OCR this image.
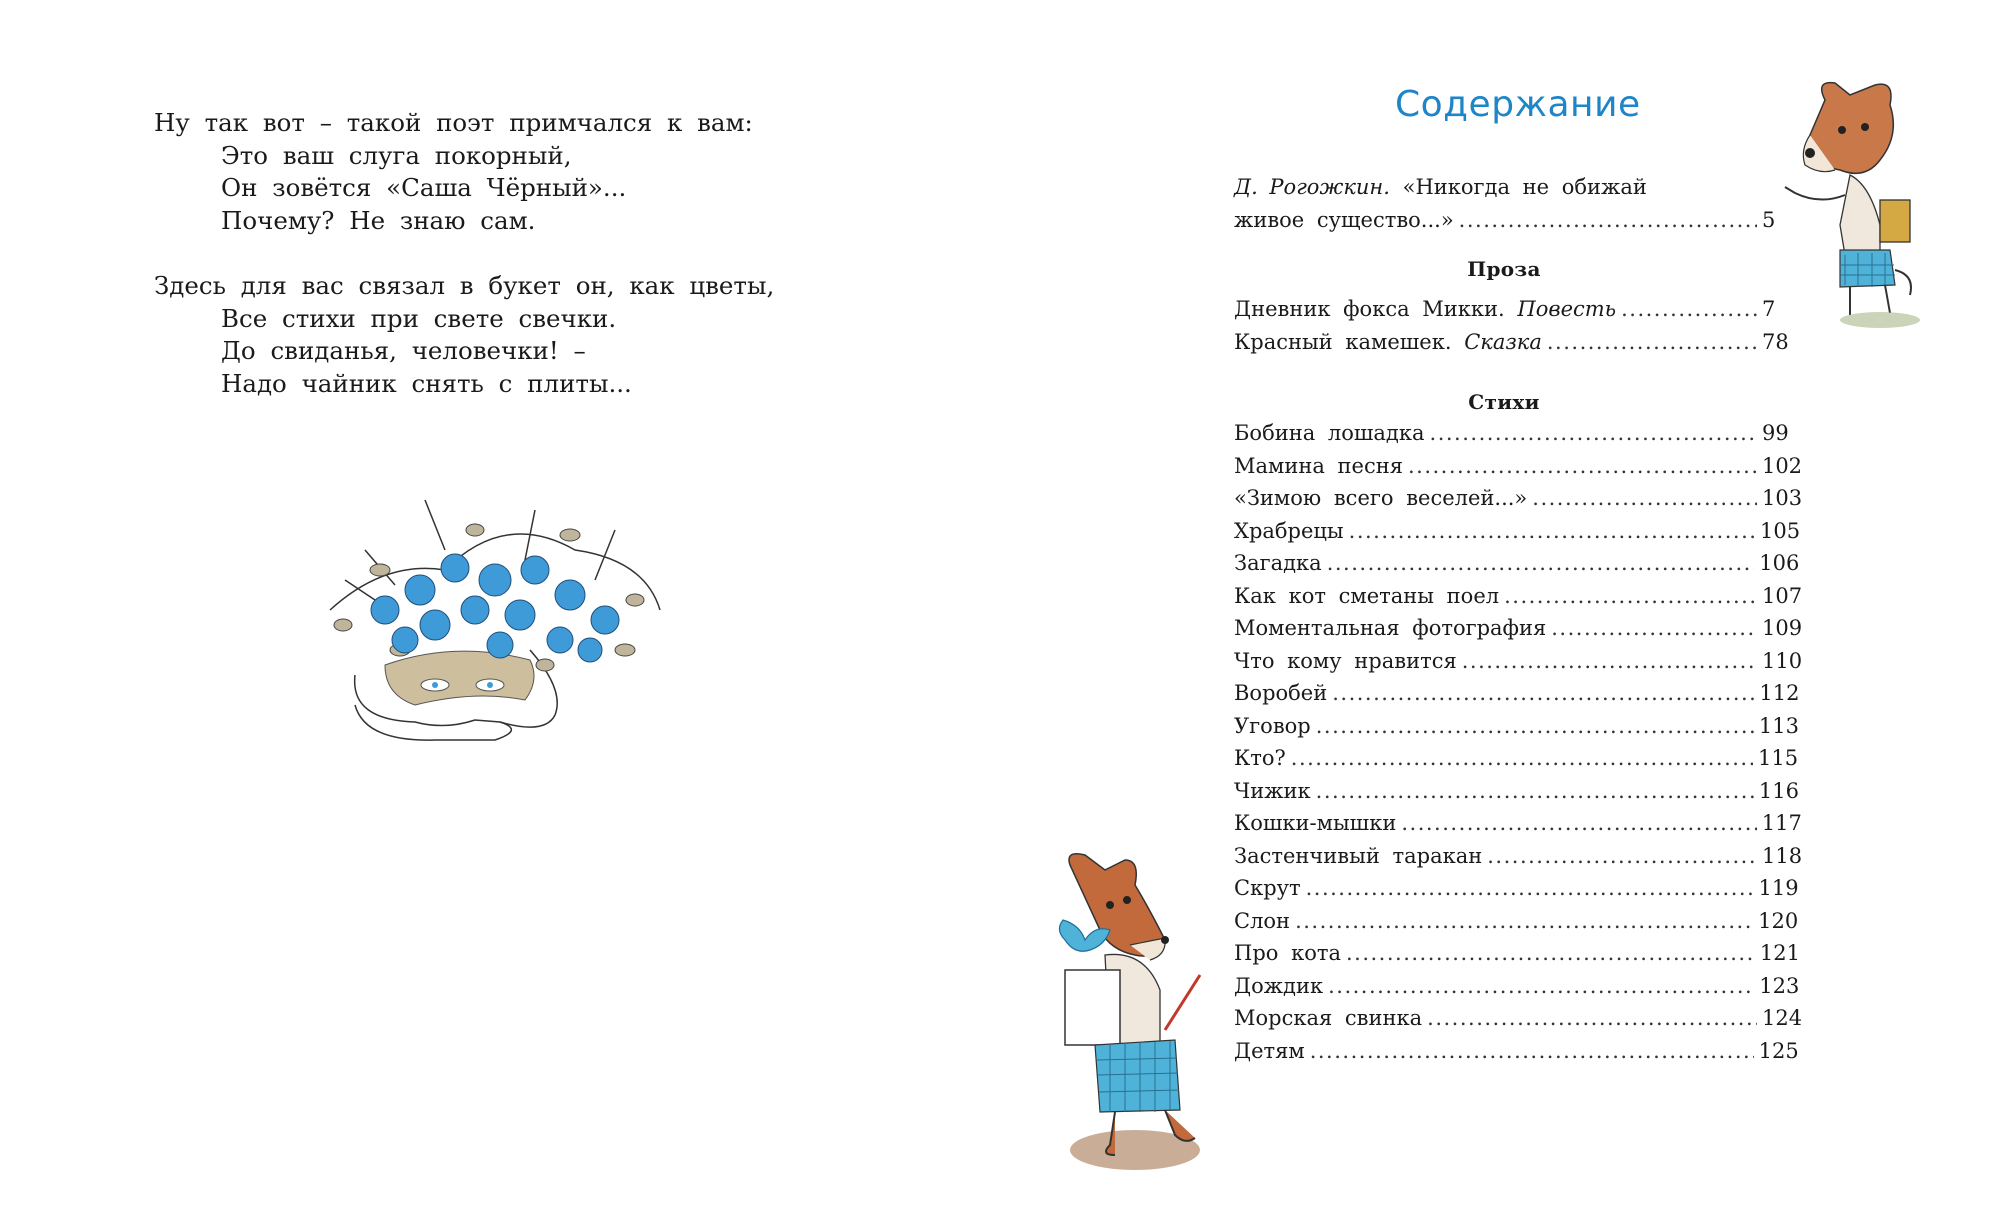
Ну так вот – такой поэт примчался к вам:
Это ваш слуга покорный,
Он зовётся «Саша Чёрный»...
Почему? Не знаю сам.
Здесь для вас связал в букет он, как цветы,
Все стихи при свете свечки.
До свиданья, человечки! –
Надо чайник снять с плиты...
Содержание
Д. Рогожкин. «Никогда не обижай
живое существо...» .....	5
Проза
Дневник фокса Микки. Повесть .....	7
Красный камешек. Сказка .....	78
Стихи
Бобина лошадка .....	99
Мамина песня .....	102
«Зимою всего веселей...» .....	103
Храбрецы .....	105
Загадка .....	106
Как кот сметаны поел .....	107
Моментальная фотография .....	109
Что кому нравится .....	110
Воробей .....	112
Уговор .....	113
Кто? .....	115
Чижик .....	116
Кошки-мышки .....	117
Застенчивый таракан .....	118
Скрут .....	119
Слон .....	120
Про кота .....	121
Дождик .....	123
Морская свинка .....	124
Детям .....	125
